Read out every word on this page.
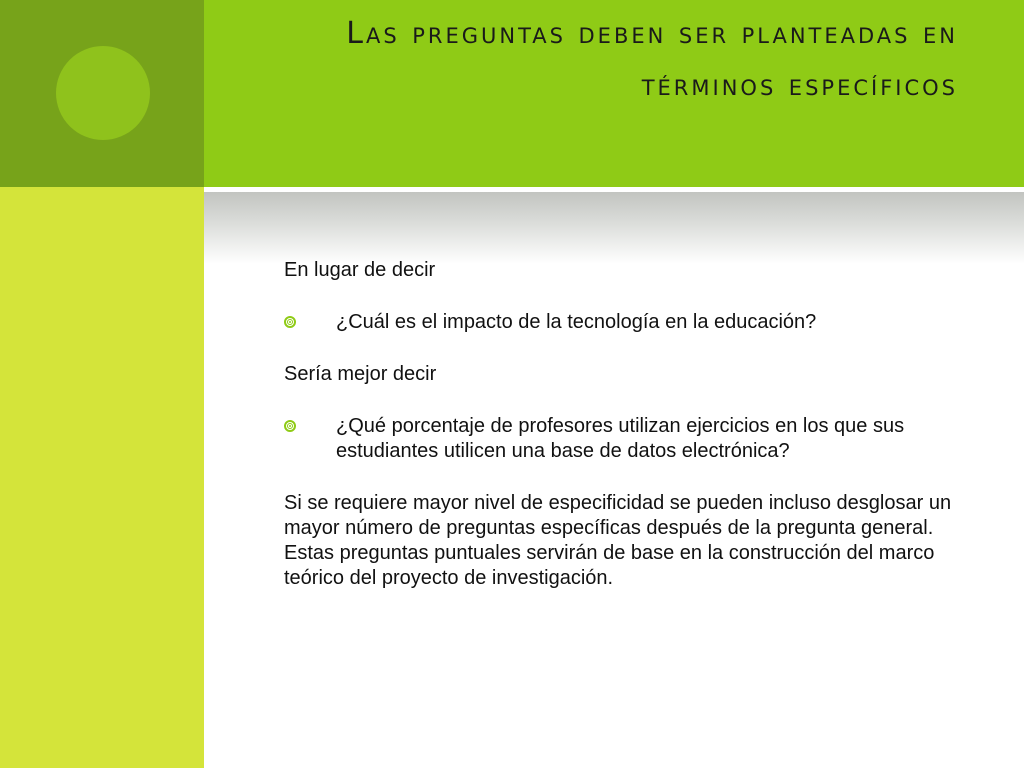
Las preguntas deben ser planteadas en términos específicos

En lugar de decir

¿Cuál es el impacto de la tecnología en la educación?

Sería mejor decir

¿Qué porcentaje de profesores utilizan ejercicios en los que sus estudiantes utilicen una base de datos electrónica?

Si se requiere mayor nivel de especificidad se pueden incluso desglosar un mayor número de preguntas específicas después de la pregunta general. Estas preguntas puntuales servirán de base en la construcción del marco teórico del proyecto de investigación.
